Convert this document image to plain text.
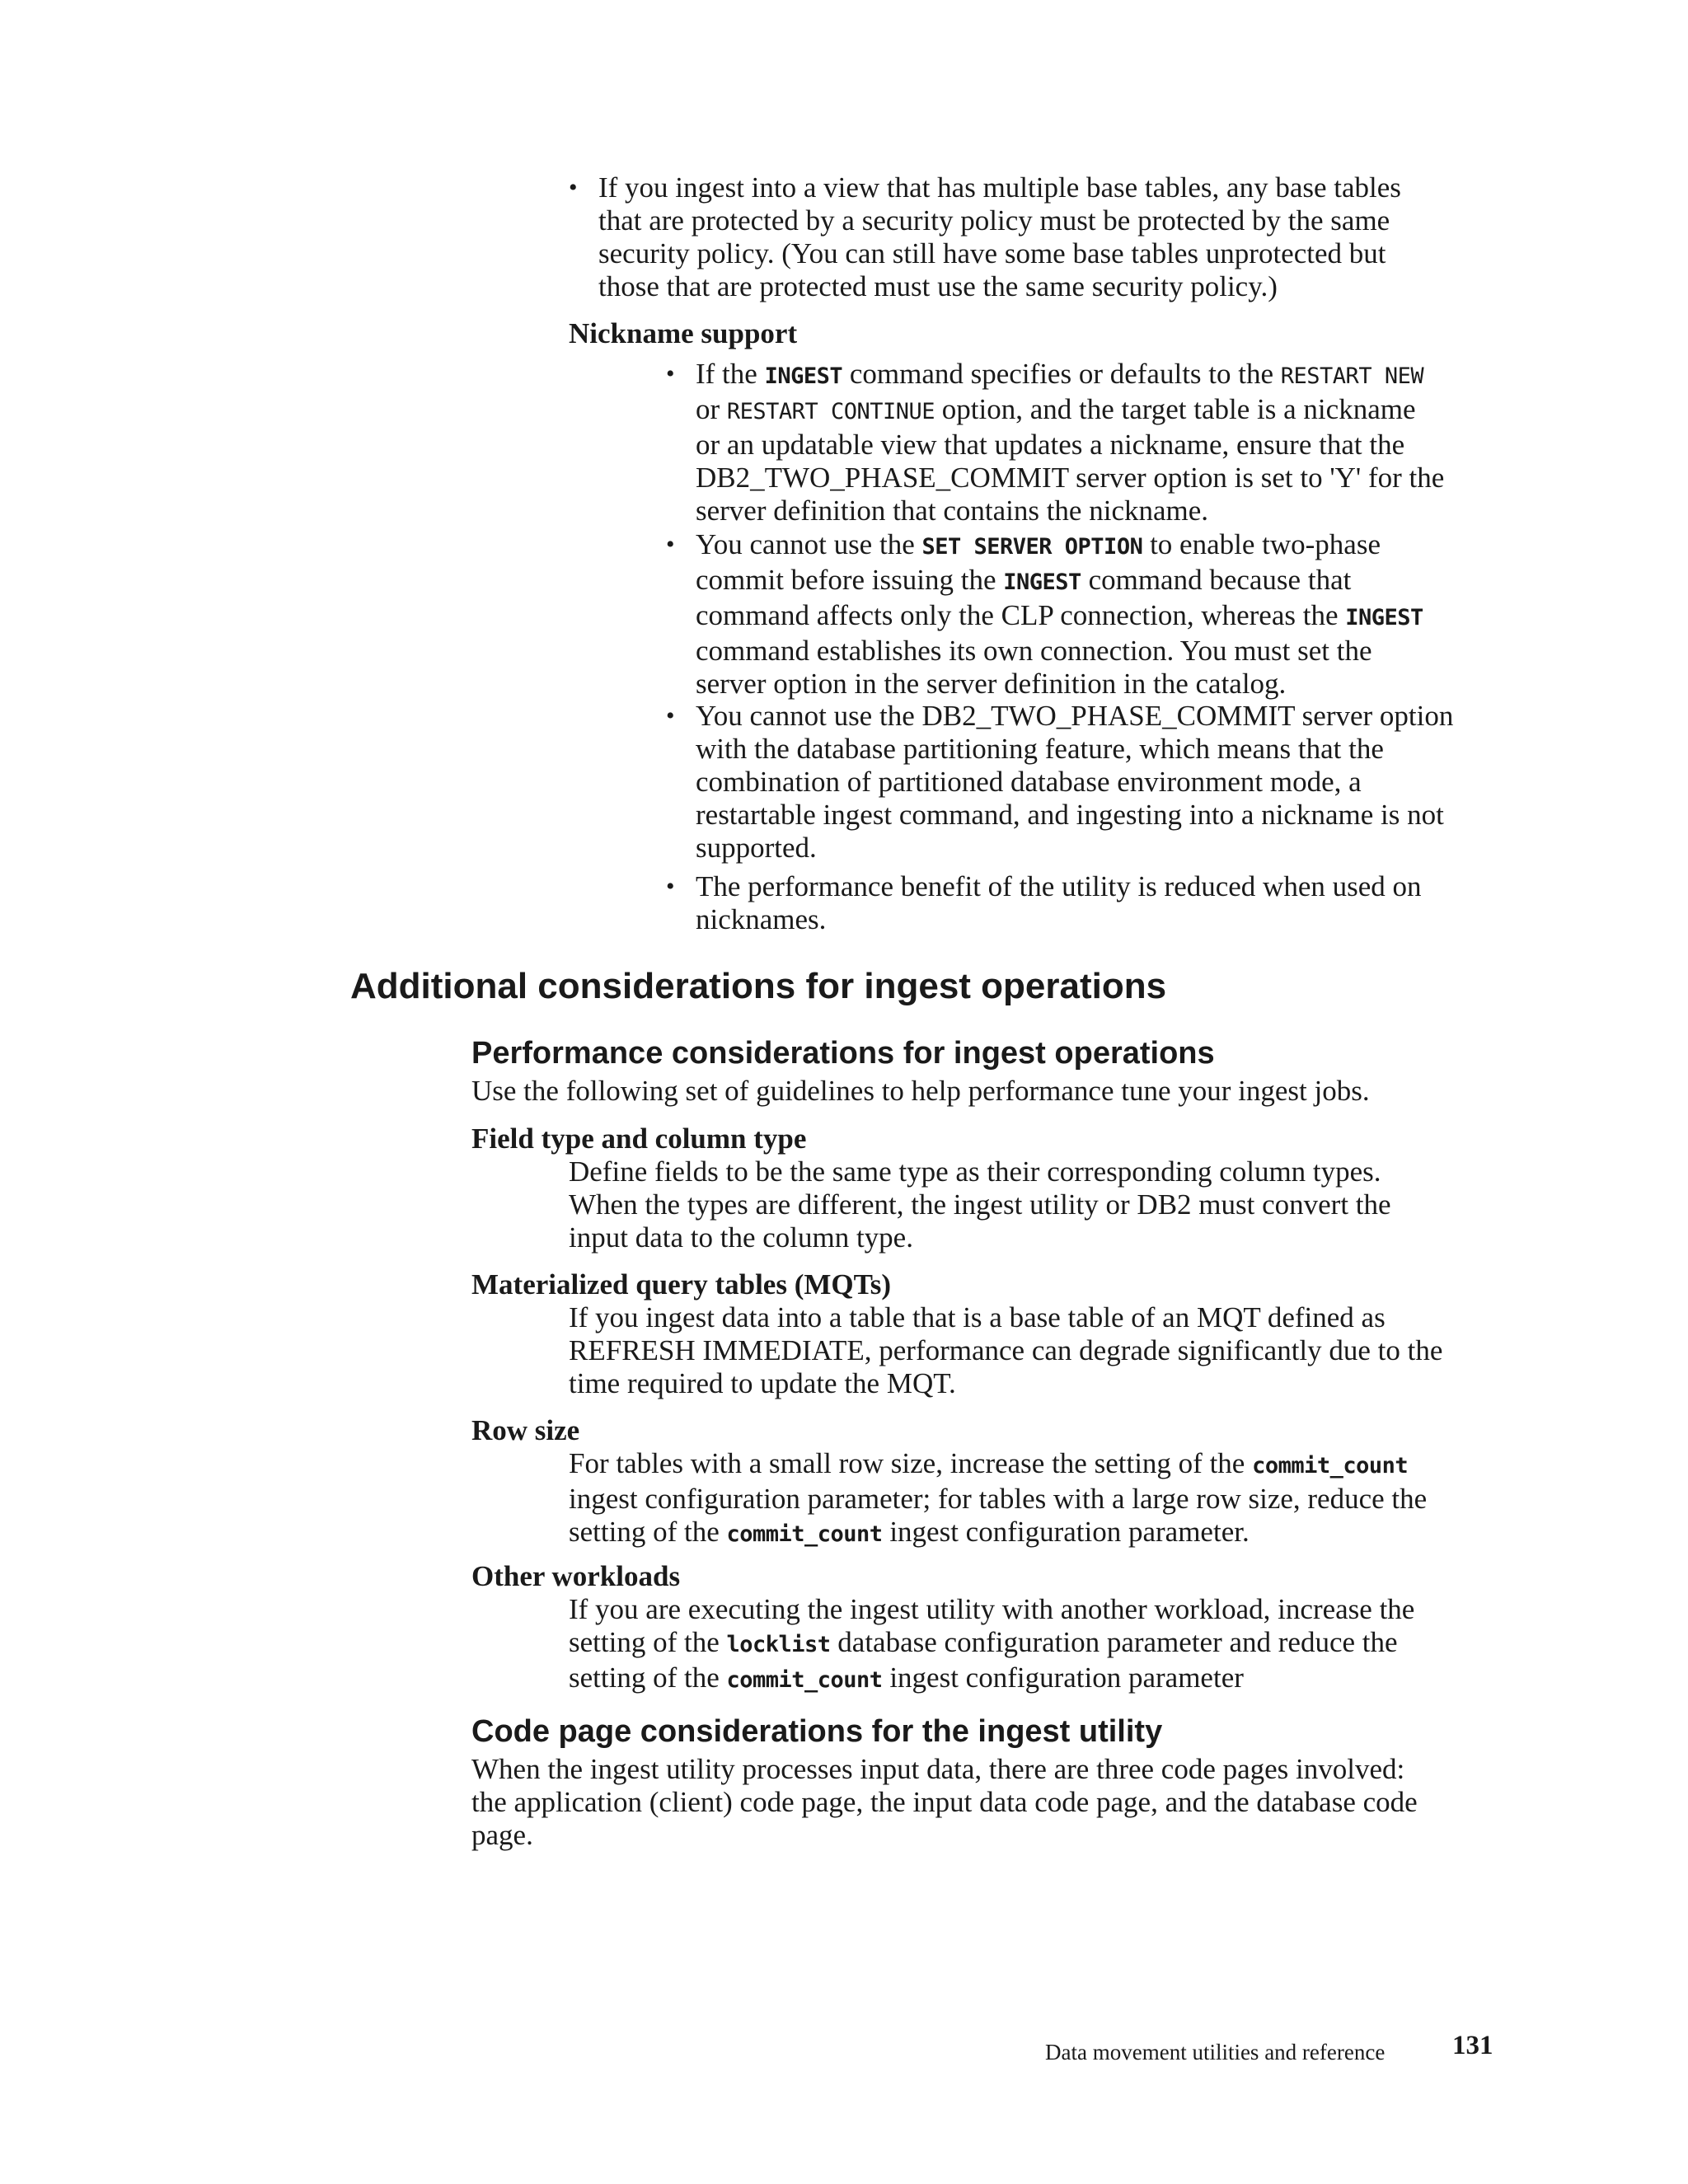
• If you ingest into a view that has multiple base tables, any base tables
that are protected by a security policy must be protected by the same
security policy. (You can still have some base tables unprotected but
those that are protected must use the same security policy.)
Nickname support
• If the INGEST command specifies or defaults to the RESTART NEW
or RESTART CONTINUE option, and the target table is a nickname
or an updatable view that updates a nickname, ensure that the
DB2_TWO_PHASE_COMMIT server option is set to 'Y' for the
server definition that contains the nickname.
• You cannot use the SET SERVER OPTION to enable two-phase
commit before issuing the INGEST command because that
command affects only the CLP connection, whereas the INGEST
command establishes its own connection. You must set the
server option in the server definition in the catalog.
• You cannot use the DB2_TWO_PHASE_COMMIT server option
with the database partitioning feature, which means that the
combination of partitioned database environment mode, a
restartable ingest command, and ingesting into a nickname is not
supported.
• The performance benefit of the utility is reduced when used on
nicknames.
Additional considerations for ingest operations
Performance considerations for ingest operations
Use the following set of guidelines to help performance tune your ingest jobs.
Field type and column type
Define fields to be the same type as their corresponding column types.
When the types are different, the ingest utility or DB2 must convert the
input data to the column type.
Materialized query tables (MQTs)
If you ingest data into a table that is a base table of an MQT defined as
REFRESH IMMEDIATE, performance can degrade significantly due to the
time required to update the MQT.
Row size
For tables with a small row size, increase the setting of the commit_count
ingest configuration parameter; for tables with a large row size, reduce the
setting of the commit_count ingest configuration parameter.
Other workloads
If you are executing the ingest utility with another workload, increase the
setting of the locklist database configuration parameter and reduce the
setting of the commit_count ingest configuration parameter
Code page considerations for the ingest utility
When the ingest utility processes input data, there are three code pages involved:
the application (client) code page, the input data code page, and the database code
page.
Data movement utilities and reference 131
